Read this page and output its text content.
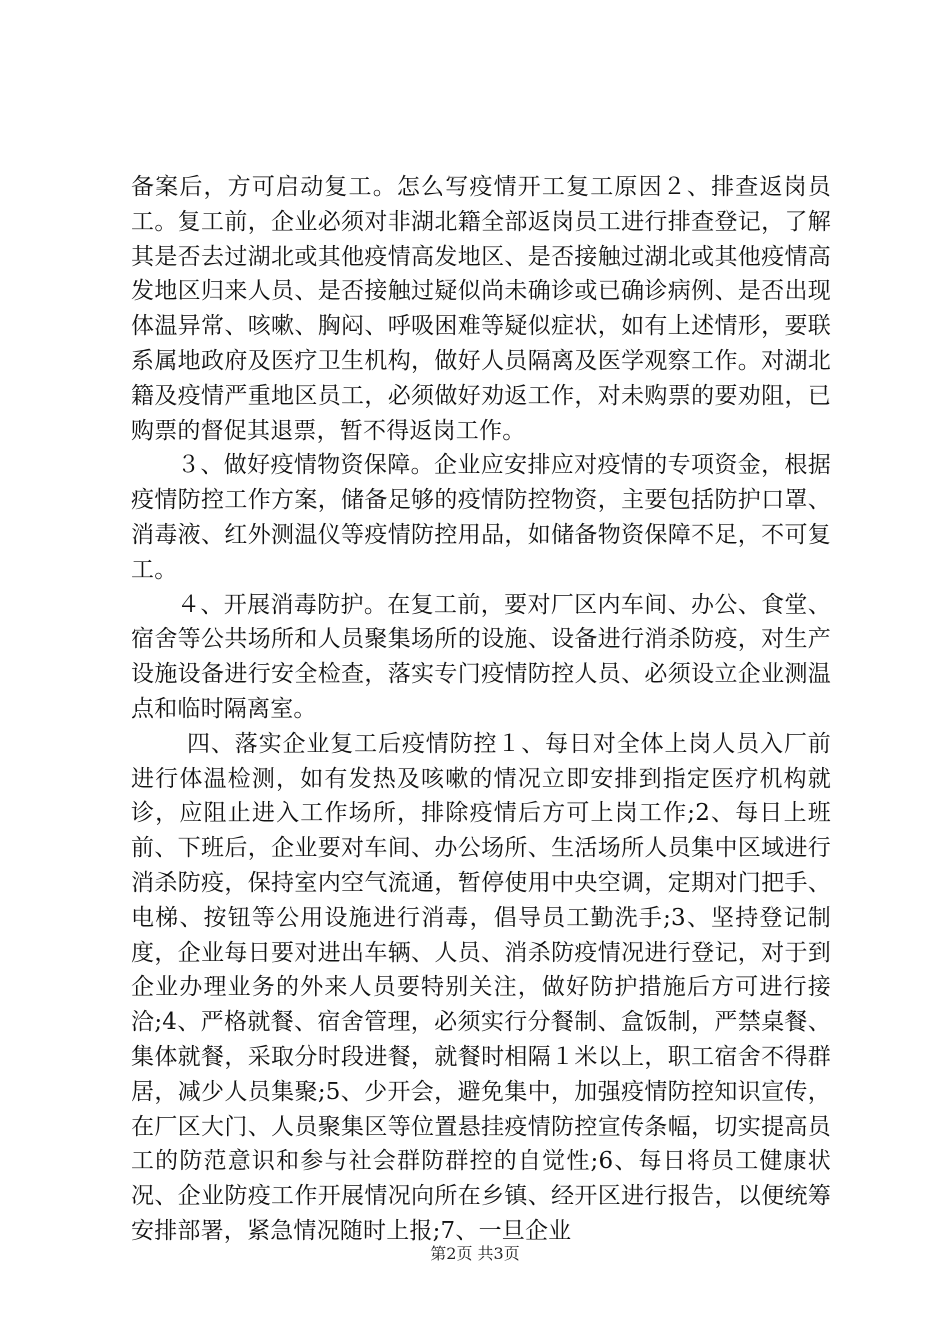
备案后，方可启动复工。怎么写疫情开工复工原因２、排查返岗员工。复工前，企业必须对非湖北籍全部返岗员工进行排查登记，了解其是否去过湖北或其他疫情高发地区、是否接触过湖北或其他疫情高发地区归来人员、是否接触过疑似尚未确诊或已确诊病例、是否出现体温异常、咳嗽、胸闷、呼吸困难等疑似症状，如有上述情形，要联系属地政府及医疗卫生机构，做好人员隔离及医学观察工作。对湖北籍及疫情严重地区员工，必须做好劝返工作，对未购票的要劝阻，已购票的督促其退票，暂不得返岗工作。

３、做好疫情物资保障。企业应安排应对疫情的专项资金，根据疫情防控工作方案，储备足够的疫情防控物资，主要包括防护口罩、消毒液、红外测温仪等疫情防控用品，如储备物资保障不足，不可复工。

４、开展消毒防护。在复工前，要对厂区内车间、办公、食堂、宿舍等公共场所和人员聚集场所的设施、设备进行消杀防疫，对生产设施设备进行安全检查，落实专门疫情防控人员、必须设立企业测温点和临时隔离室。

四、落实企业复工后疫情防控１、每日对全体上岗人员入厂前进行体温检测，如有发热及咳嗽的情况立即安排到指定医疗机构就诊，应阻止进入工作场所，排除疫情后方可上岗工作;2、每日上班前、下班后，企业要对车间、办公场所、生活场所人员集中区域进行消杀防疫，保持室内空气流通，暂停使用中央空调，定期对门把手、电梯、按钮等公用设施进行消毒，倡导员工勤洗手;3、坚持登记制度，企业每日要对进出车辆、人员、消杀防疫情况进行登记，对于到企业办理业务的外来人员要特别关注，做好防护措施后方可进行接洽;4、严格就餐、宿舍管理，必须实行分餐制、盒饭制，严禁桌餐、集体就餐，采取分时段进餐，就餐时相隔１米以上，职工宿舍不得群居，减少人员集聚;5、少开会，避免集中，加强疫情防控知识宣传，在厂区大门、人员聚集区等位置悬挂疫情防控宣传条幅，切实提高员工的防范意识和参与社会群防群控的自觉性;6、每日将员工健康状况、企业防疫工作开展情况向所在乡镇、经开区进行报告，以便统筹安排部署，紧急情况随时上报;7、一旦企业

第2页 共3页
